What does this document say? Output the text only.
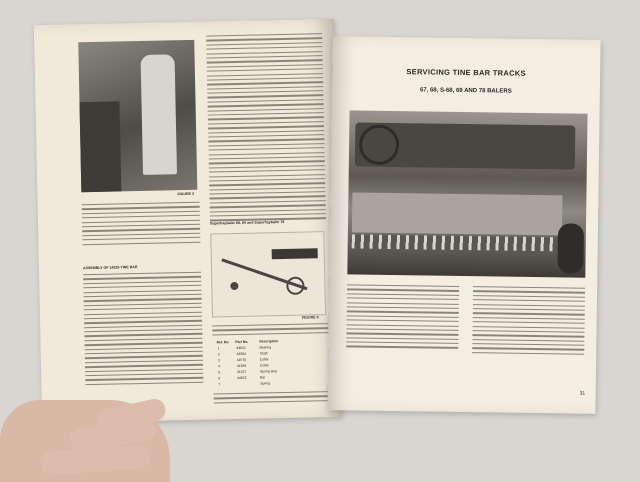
FIGURE 3
ASSEMBLY OF 14225 TINE BAR
Superhaybaler 68, 69 and Superhaybaler 78
FIGURE 4
Ref. No.	Part No.	Description
1	44041	Bearing
2	44584	Shaft
3	41570	Collar
4	41569	Collar
5	41517	Spring stop
6	44622	Bar
7		Spring
SERVICING TINE BAR TRACKS
67, 68, S-68, 69 AND 78 BALERS
31
